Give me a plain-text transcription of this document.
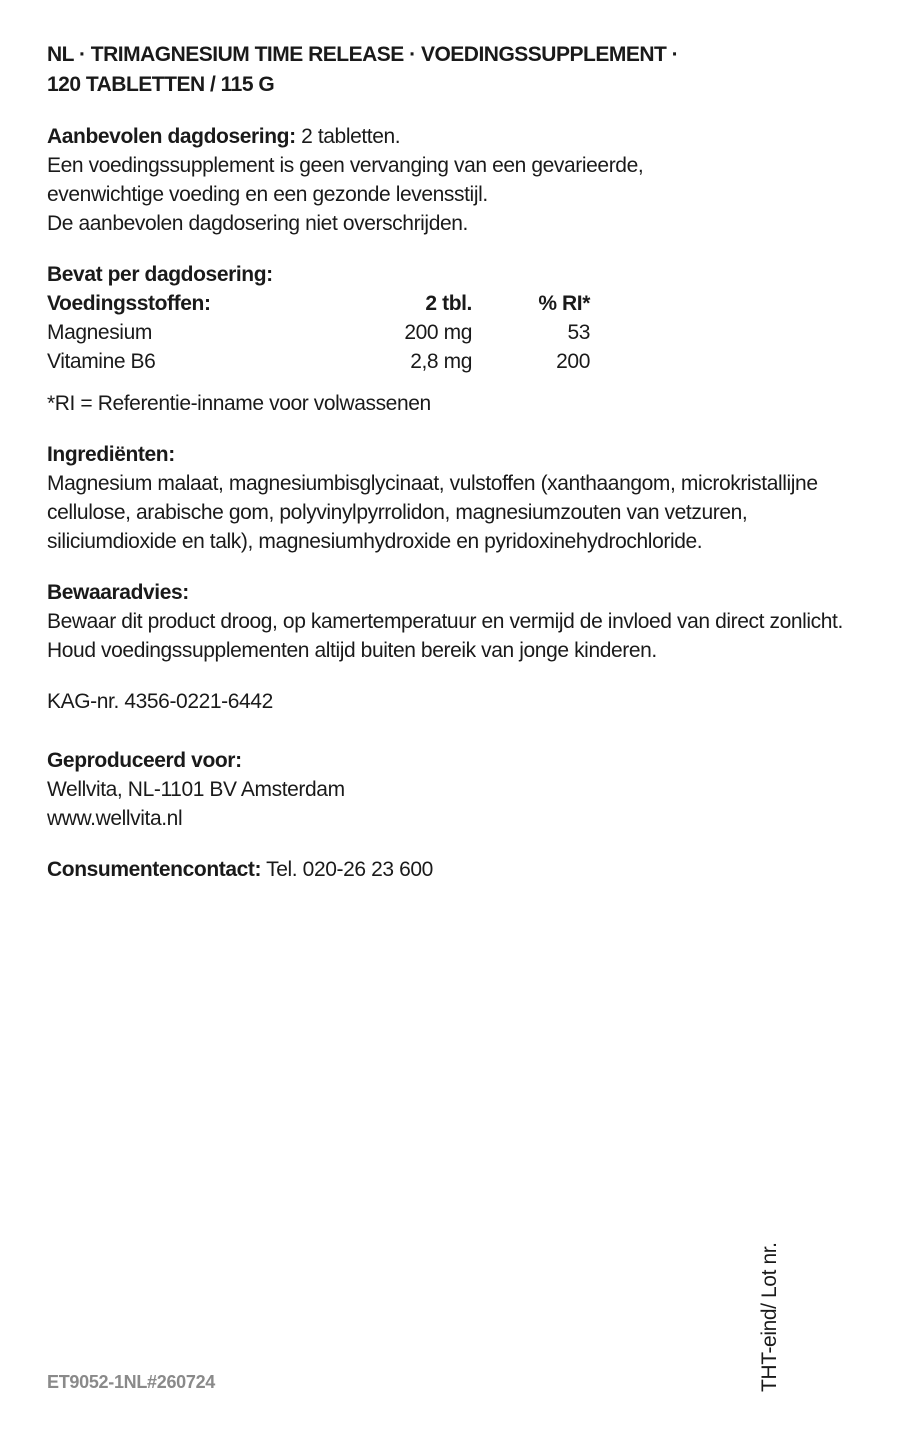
NL · TRIMAGNESIUM TIME RELEASE · VOEDINGSSUPPLEMENT ·
120 TABLETTEN / 115 G
Aanbevolen dagdosering: 2 tabletten.
Een voedingssupplement is geen vervanging van een gevarieerde,
evenwichtige voeding en een gezonde levensstijl.
De aanbevolen dagdosering niet overschrijden.
Bevat per dagdosering:
Voedingsstoffen:	2 tbl.	% RI*
Magnesium	200 mg	53
Vitamine B6	2,8 mg	200
*RI = Referentie-inname voor volwassenen
Ingrediënten:
Magnesium malaat, magnesiumbisglycinaat, vulstoffen (xanthaangom, microkristallijne
cellulose, arabische gom, polyvinylpyrrolidon, magnesiumzouten van vetzuren,
siliciumdioxide en talk), magnesiumhydroxide en pyridoxinehydrochloride.
Bewaaradvies:
Bewaar dit product droog, op kamertemperatuur en vermijd de invloed van direct zonlicht.
Houd voedingssupplementen altijd buiten bereik van jonge kinderen.
KAG-nr. 4356-0221-6442
Geproduceerd voor:
Wellvita, NL-1101 BV Amsterdam
www.wellvita.nl
Consumentencontact: Tel. 020-26 23 600
ET9052-1NL#260724	THT-eind/ Lot nr.
